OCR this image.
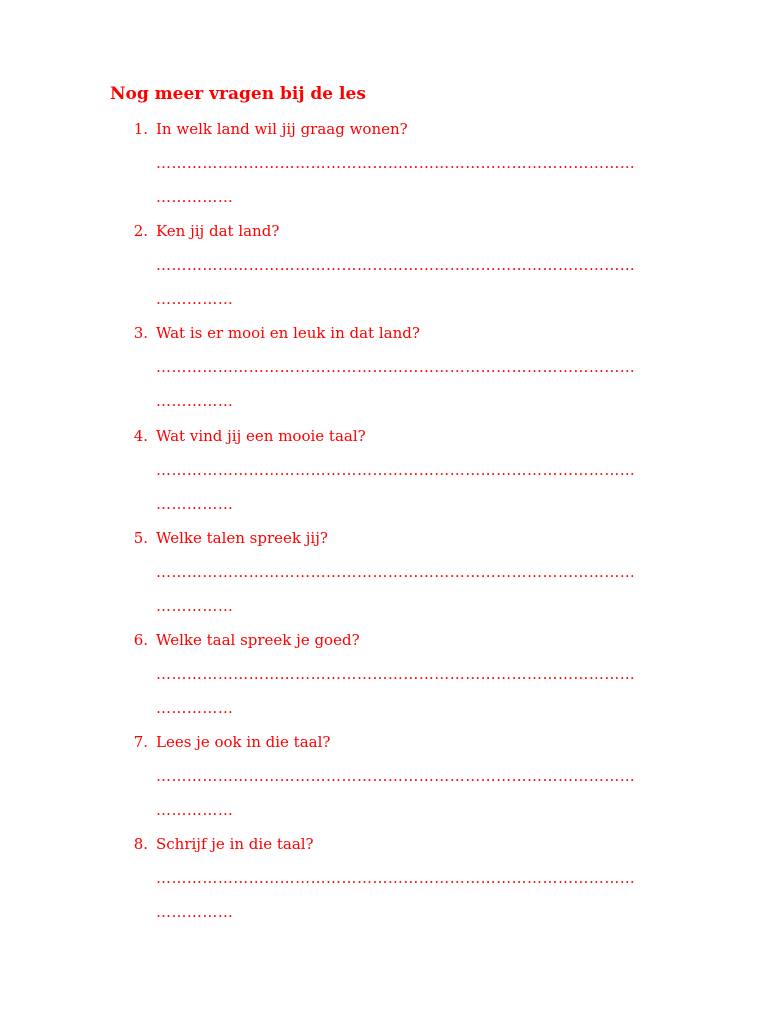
Nog meer vragen bij de les
1. In welk land wil jij graag wonen?
…………………………………………………………………………………
……………
2. Ken jij dat land?
…………………………………………………………………………………
……………
3. Wat is er mooi en leuk in dat land?
…………………………………………………………………………………
……………
4. Wat vind jij een mooie taal?
…………………………………………………………………………………
……………
5. Welke talen spreek jij?
…………………………………………………………………………………
……………
6. Welke taal spreek je goed?
…………………………………………………………………………………
……………
7. Lees je ook in die taal?
…………………………………………………………………………………
……………
8. Schrijf je in die taal?
…………………………………………………………………………………
……………
